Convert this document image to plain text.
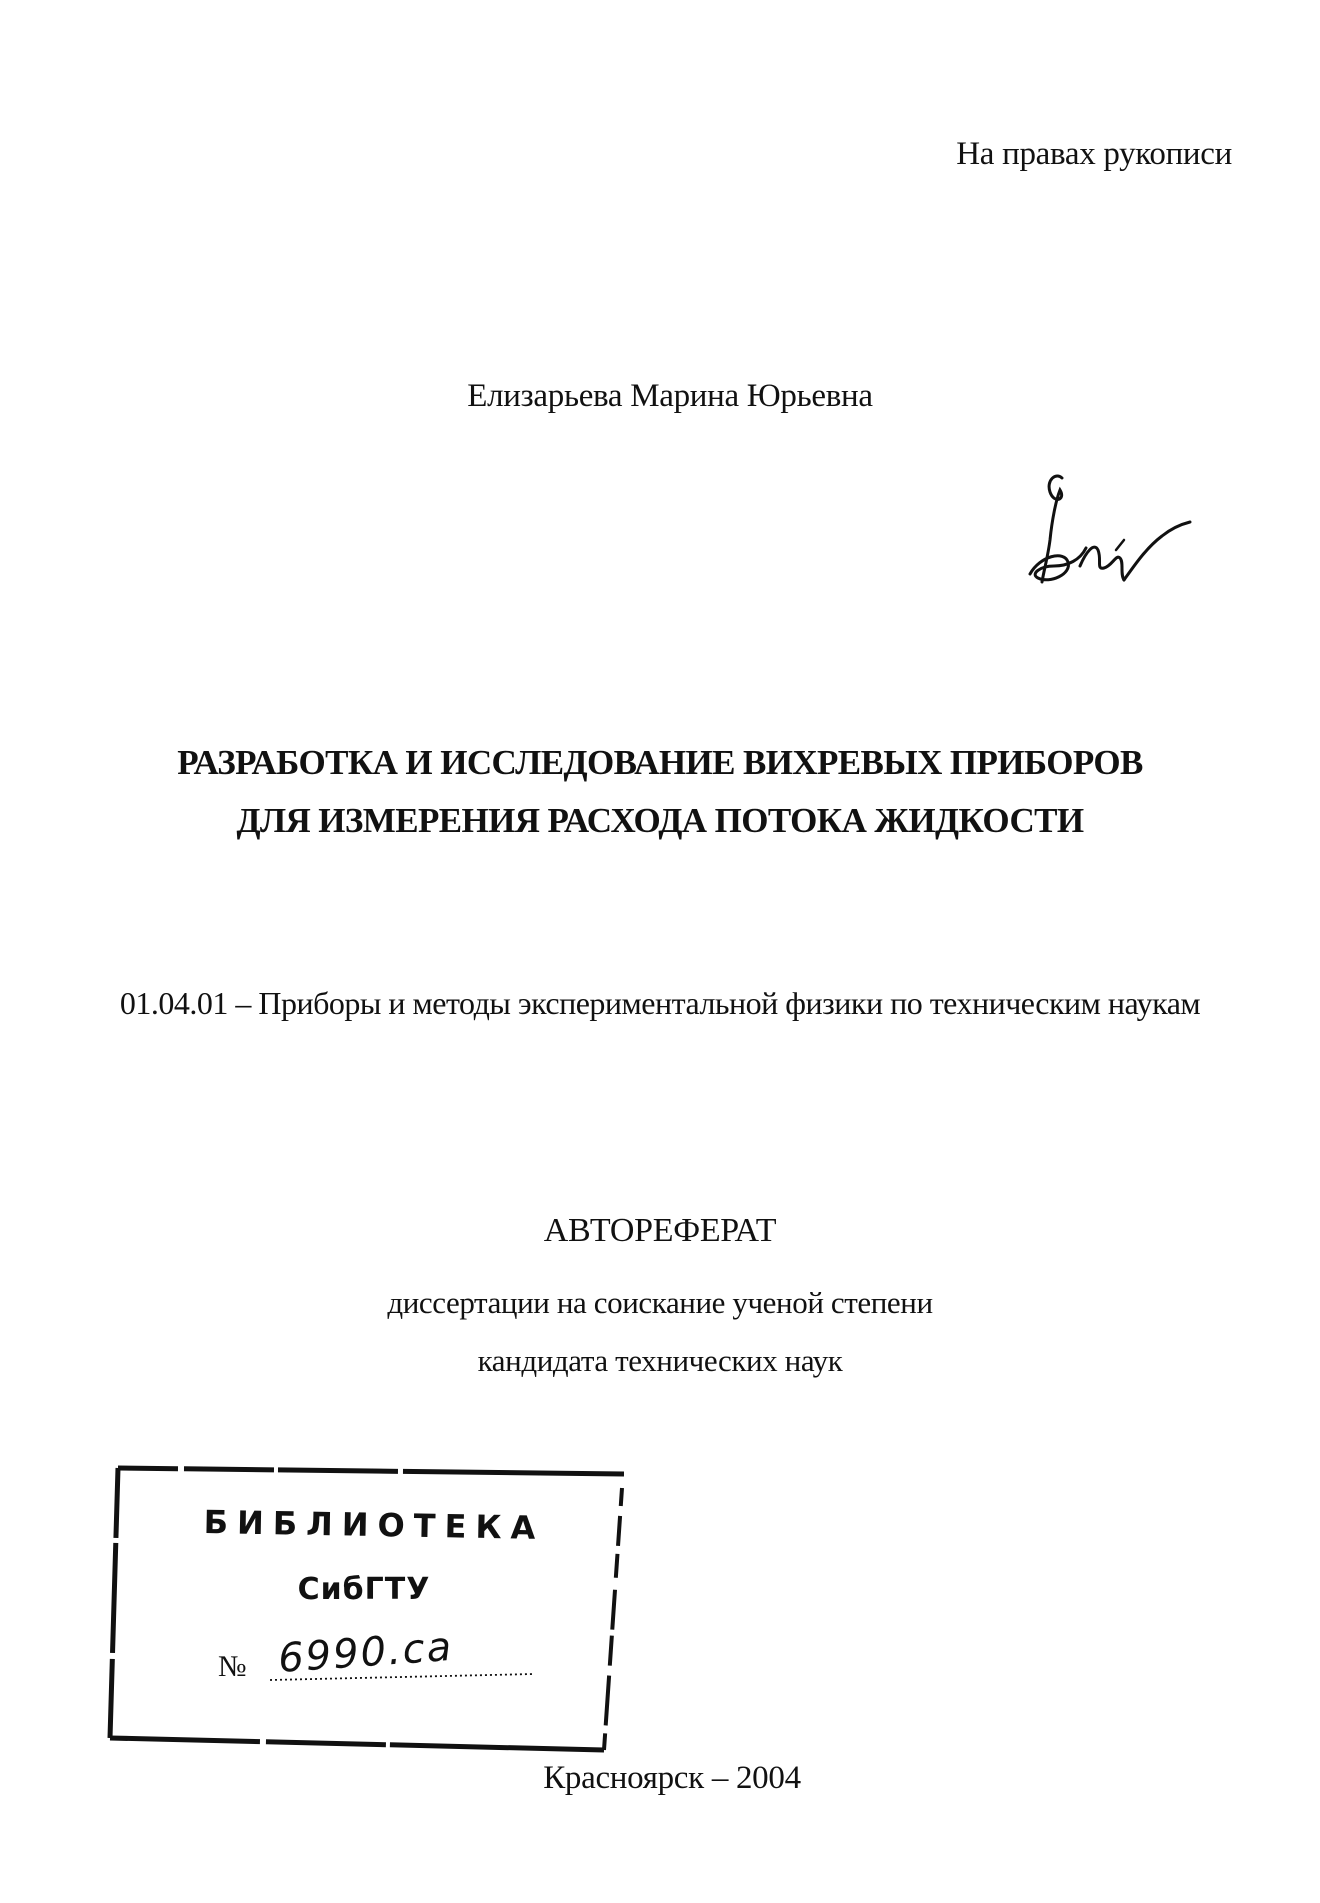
На правах рукописи
Елизарьева Марина Юрьевна
РАЗРАБОТКА И ИССЛЕДОВАНИЕ ВИХРЕВЫХ ПРИБОРОВ
ДЛЯ ИЗМЕРЕНИЯ РАСХОДА ПОТОКА ЖИДКОСТИ
01.04.01 – Приборы и методы экспериментальной физики по техническим наукам
АВТОРЕФЕРАТ
диссертации на соискание ученой степени
кандидата технических наук
БИБЛИОТЕКА
СибГТУ
№ 6990.ca
Красноярск – 2004
